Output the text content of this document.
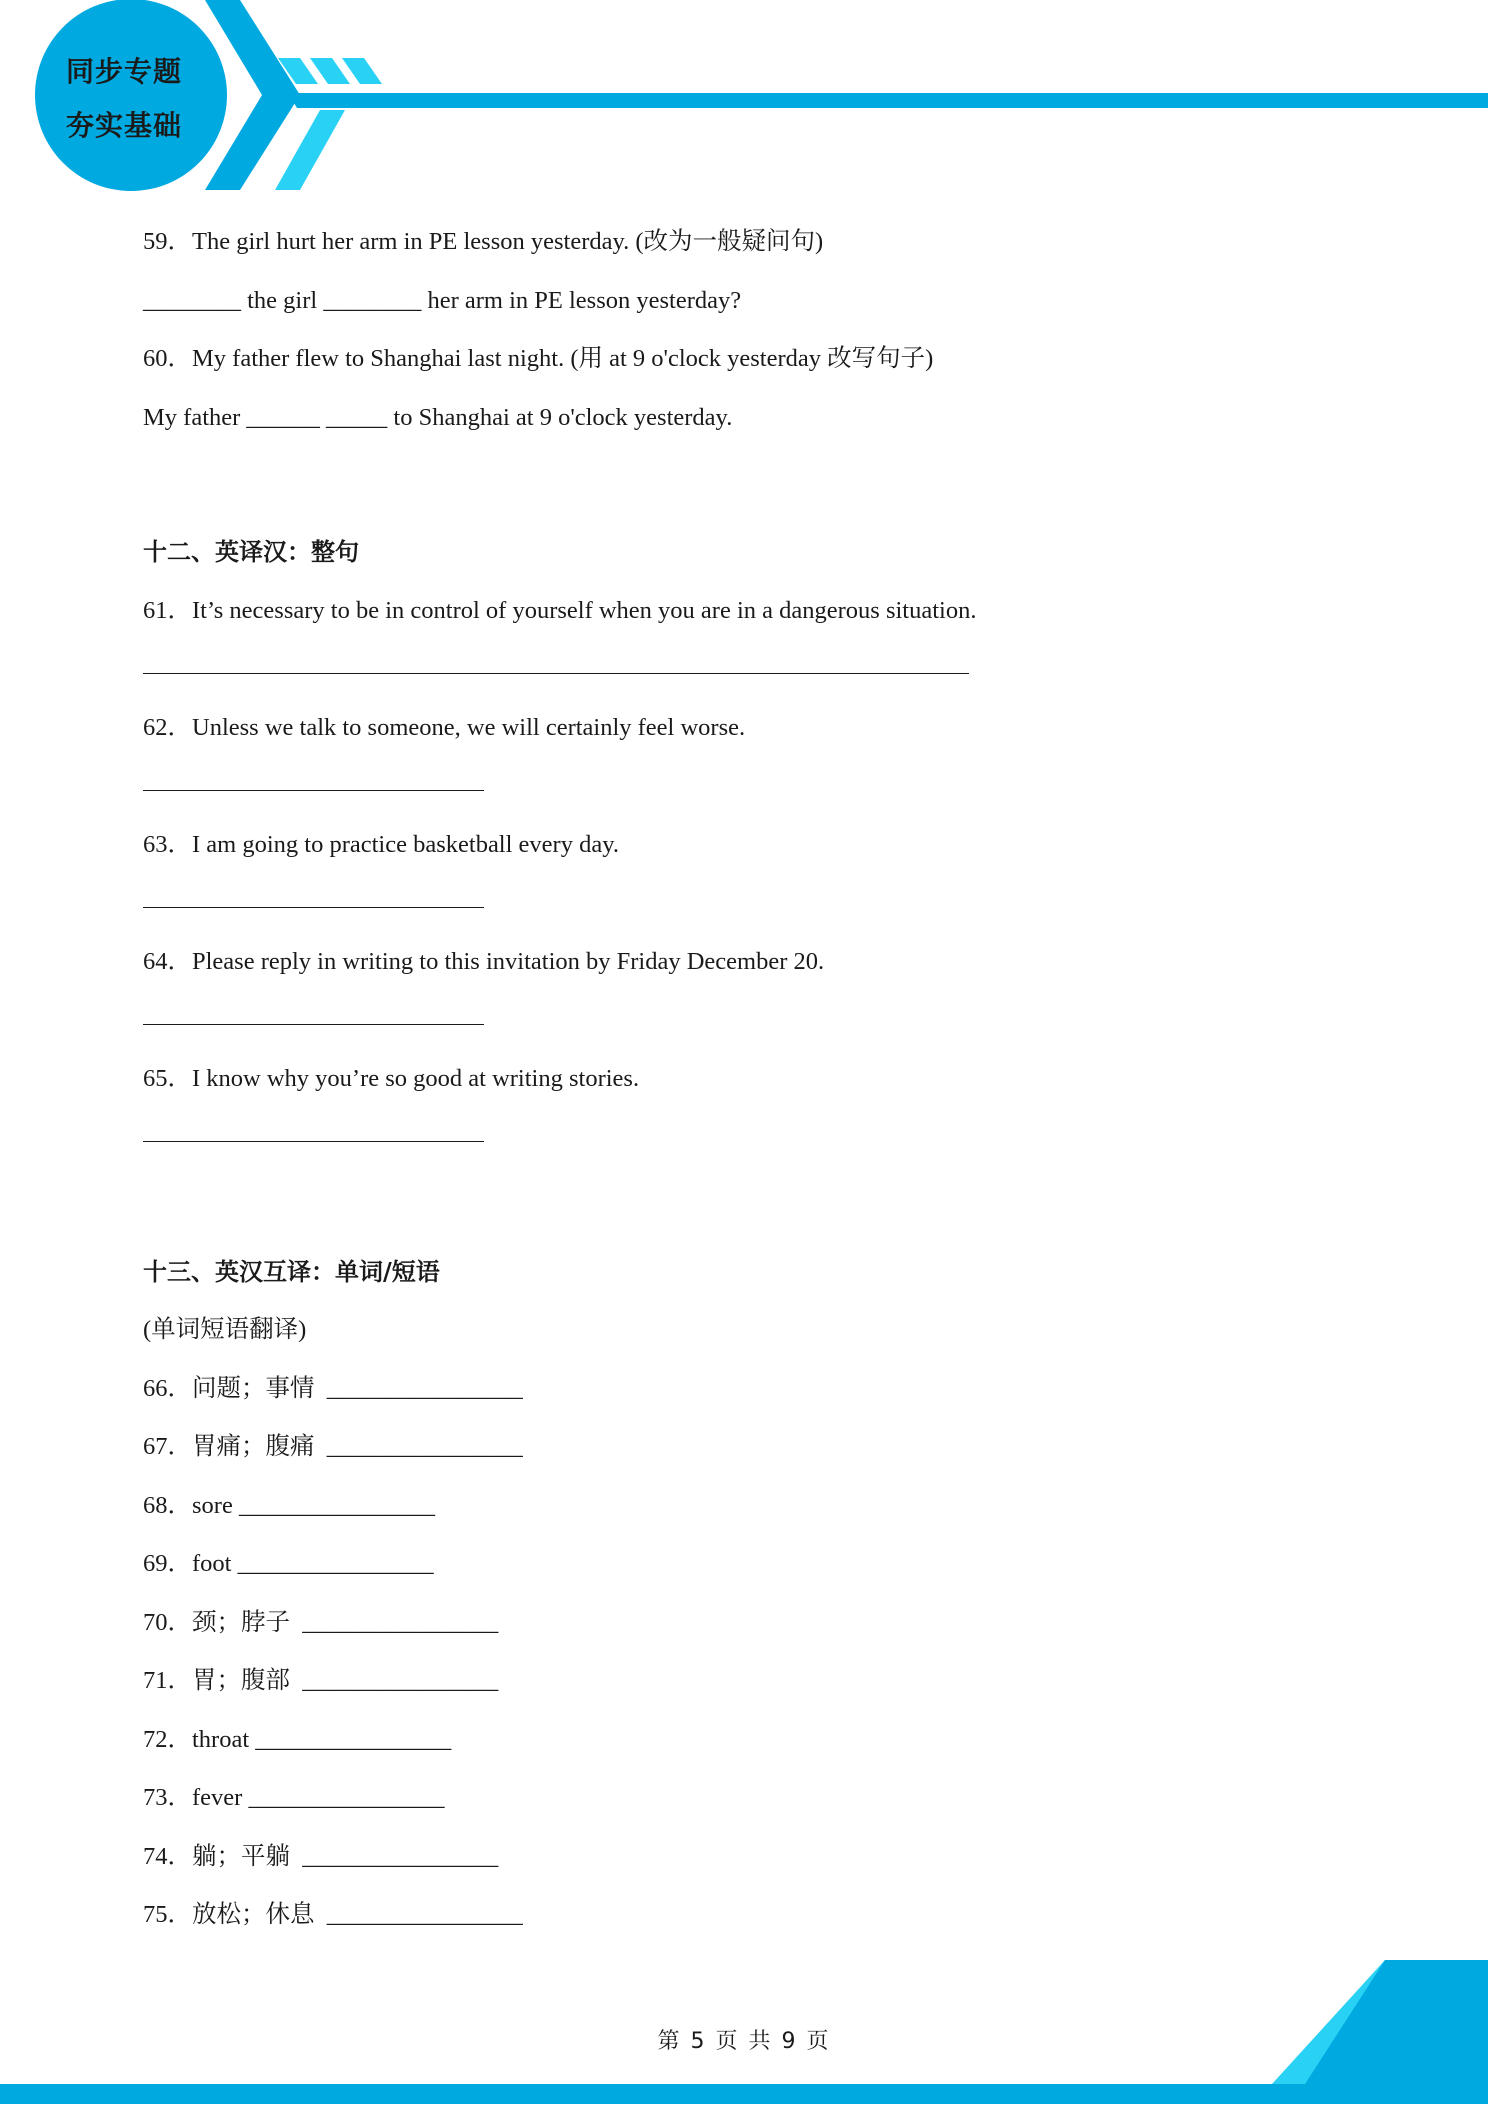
同步专题
夯实基础
59．The girl hurt her arm in PE lesson yesterday. (改为一般疑问句)
________ the girl ________ her arm in PE lesson yesterday?
60．My father flew to Shanghai last night. (用 at 9 o'clock yesterday 改写句子)
My father ______ _____ to Shanghai at 9 o'clock yesterday.
十二、英译汉：整句
61．It’s necessary to be in control of yourself when you are in a dangerous situation.
62．Unless we talk to someone, we will certainly feel worse.
63．I am going to practice basketball every day.
64．Please reply in writing to this invitation by Friday December 20.
65．I know why you’re so good at writing stories.
十三、英汉互译：单词/短语
(单词短语翻译)
66．问题；事情  ________________
67．胃痛；腹痛  ________________
68．sore ________________
69．foot ________________
70．颈；脖子  ________________
71．胃；腹部  ________________
72．throat ________________
73．fever ________________
74．躺；平躺  ________________
75．放松；休息  ________________
第 5 页 共 9 页
